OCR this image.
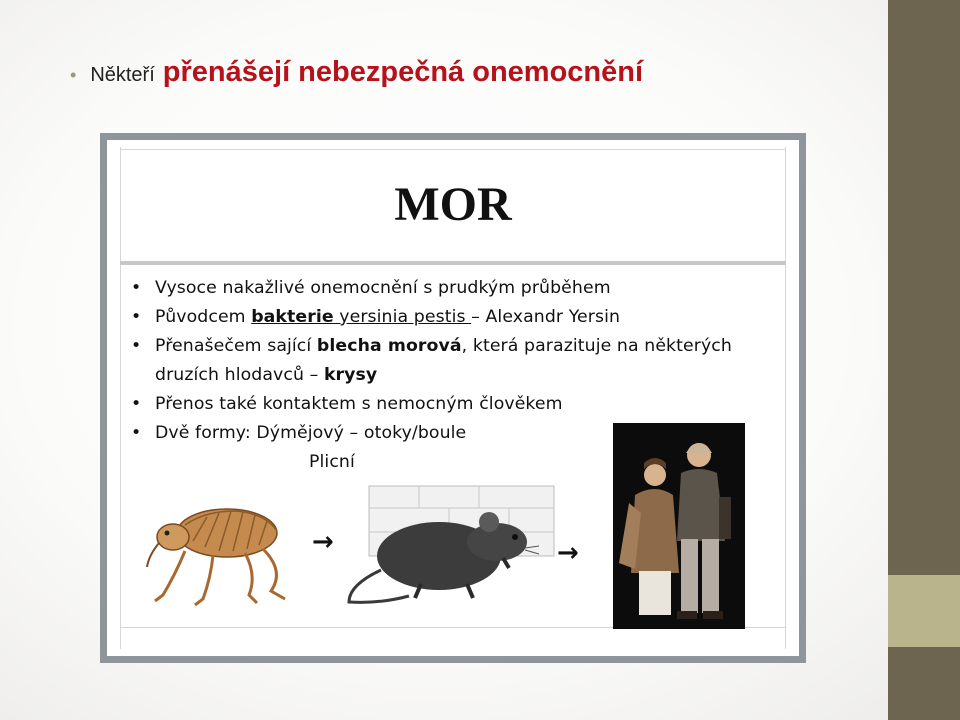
• Někteří přenášejí nebezpečná onemocnění
MOR
• Vysoce nakažlivé onemocnění s prudkým průběhem
• Původcem bakterie yersinia pestis – Alexandr Yersin
• Přenašečem sající blecha morová, která parazituje na některých druzích hlodavců – krysy
• Přenos také kontaktem s nemocným člověkem
• Dvě formy: Dýmějový – otoky/boule
Plicní
→	→
